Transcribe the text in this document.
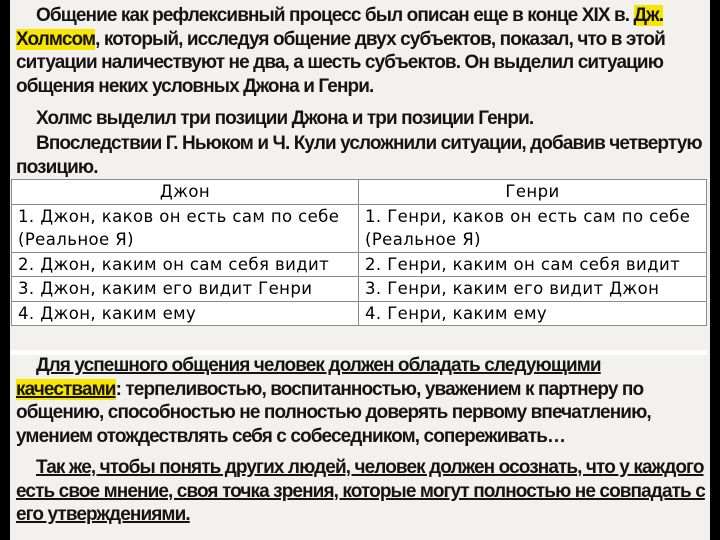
Общение как рефлексивный процесс был описан еще в конце XIX в. Дж. Холмсом, который, исследуя общение двух субъектов, показал, что в этой ситуации наличествуют не два, а шесть субъектов. Он выделил ситуацию общения неких условных Джона и Генри.

Холмс выделил три позиции Джона и три позиции Генри.

Впоследствии Г. Ньюком и Ч. Кули усложнили ситуации, добавив четвертую позицию.

Джон	Генри
1. Джон, каков он есть сам по себе (Реальное Я)	1. Генри, каков он есть сам по себе (Реальное Я)
2. Джон, каким он сам себя видит	2. Генри, каким он сам себя видит
3. Джон, каким его видит Генри	3. Генри, каким его видит Джон
4. Джон, каким ему	4. Генри, каким ему

Для успешного общения человек должен обладать следующими качествами: терпеливостью, воспитанностью, уважением к партнеру по общению, способностью не полностью доверять первому впечатлению, умением отождествлять себя с собеседником, сопереживать…

Так же, чтобы понять других людей, человек должен осознать, что у каждого есть свое мнение, своя точка зрения, которые могут полностью не совпадать с его утверждениями.
